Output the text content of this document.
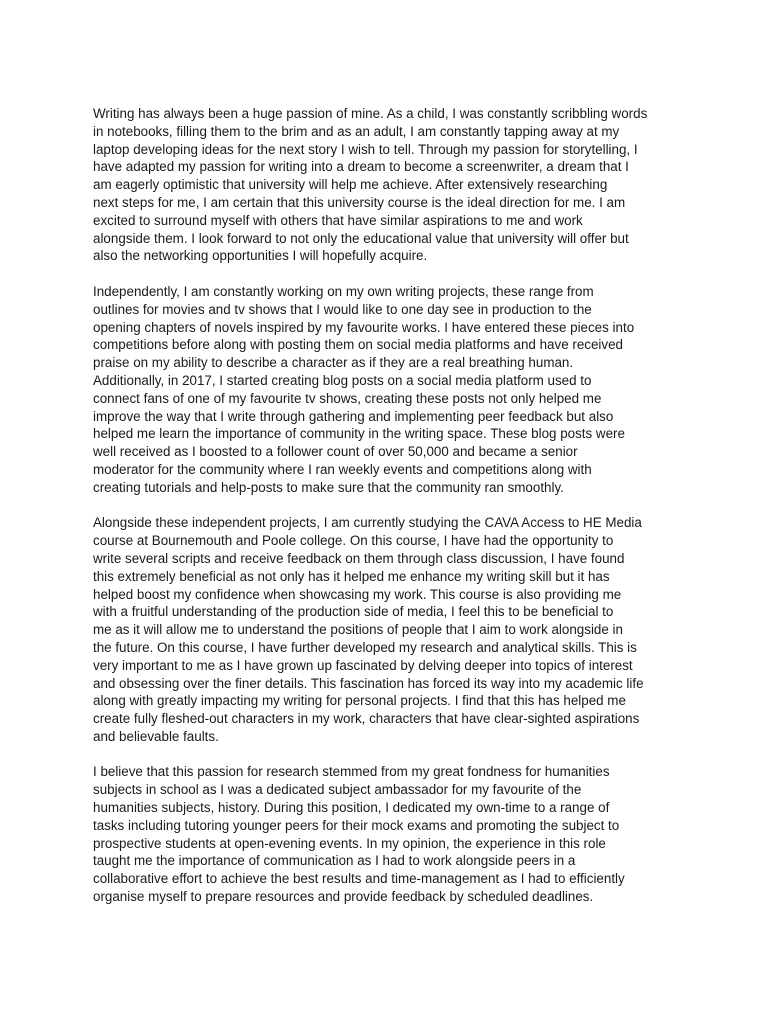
Writing has always been a huge passion of mine. As a child, I was constantly scribbling words
in notebooks, filling them to the brim and as an adult, I am constantly tapping away at my
laptop developing ideas for the next story I wish to tell. Through my passion for storytelling, I
have adapted my passion for writing into a dream to become a screenwriter, a dream that I
am eagerly optimistic that university will help me achieve. After extensively researching
next steps for me, I am certain that this university course is the ideal direction for me. I am
excited to surround myself with others that have similar aspirations to me and work
alongside them. I look forward to not only the educational value that university will offer but
also the networking opportunities I will hopefully acquire.
Independently, I am constantly working on my own writing projects, these range from
outlines for movies and tv shows that I would like to one day see in production to the
opening chapters of novels inspired by my favourite works. I have entered these pieces into
competitions before along with posting them on social media platforms and have received
praise on my ability to describe a character as if they are a real breathing human.
Additionally, in 2017, I started creating blog posts on a social media platform used to
connect fans of one of my favourite tv shows, creating these posts not only helped me
improve the way that I write through gathering and implementing peer feedback but also
helped me learn the importance of community in the writing space. These blog posts were
well received as I boosted to a follower count of over 50,000 and became a senior
moderator for the community where I ran weekly events and competitions along with
creating tutorials and help-posts to make sure that the community ran smoothly.
Alongside these independent projects, I am currently studying the CAVA Access to HE Media
course at Bournemouth and Poole college. On this course, I have had the opportunity to
write several scripts and receive feedback on them through class discussion, I have found
this extremely beneficial as not only has it helped me enhance my writing skill but it has
helped boost my confidence when showcasing my work. This course is also providing me
with a fruitful understanding of the production side of media, I feel this to be beneficial to
me as it will allow me to understand the positions of people that I aim to work alongside in
the future. On this course, I have further developed my research and analytical skills. This is
very important to me as I have grown up fascinated by delving deeper into topics of interest
and obsessing over the finer details. This fascination has forced its way into my academic life
along with greatly impacting my writing for personal projects. I find that this has helped me
create fully fleshed-out characters in my work, characters that have clear-sighted aspirations
and believable faults.
I believe that this passion for research stemmed from my great fondness for humanities
subjects in school as I was a dedicated subject ambassador for my favourite of the
humanities subjects, history. During this position, I dedicated my own-time to a range of
tasks including tutoring younger peers for their mock exams and promoting the subject to
prospective students at open-evening events. In my opinion, the experience in this role
taught me the importance of communication as I had to work alongside peers in a
collaborative effort to achieve the best results and time-management as I had to efficiently
organise myself to prepare resources and provide feedback by scheduled deadlines.
